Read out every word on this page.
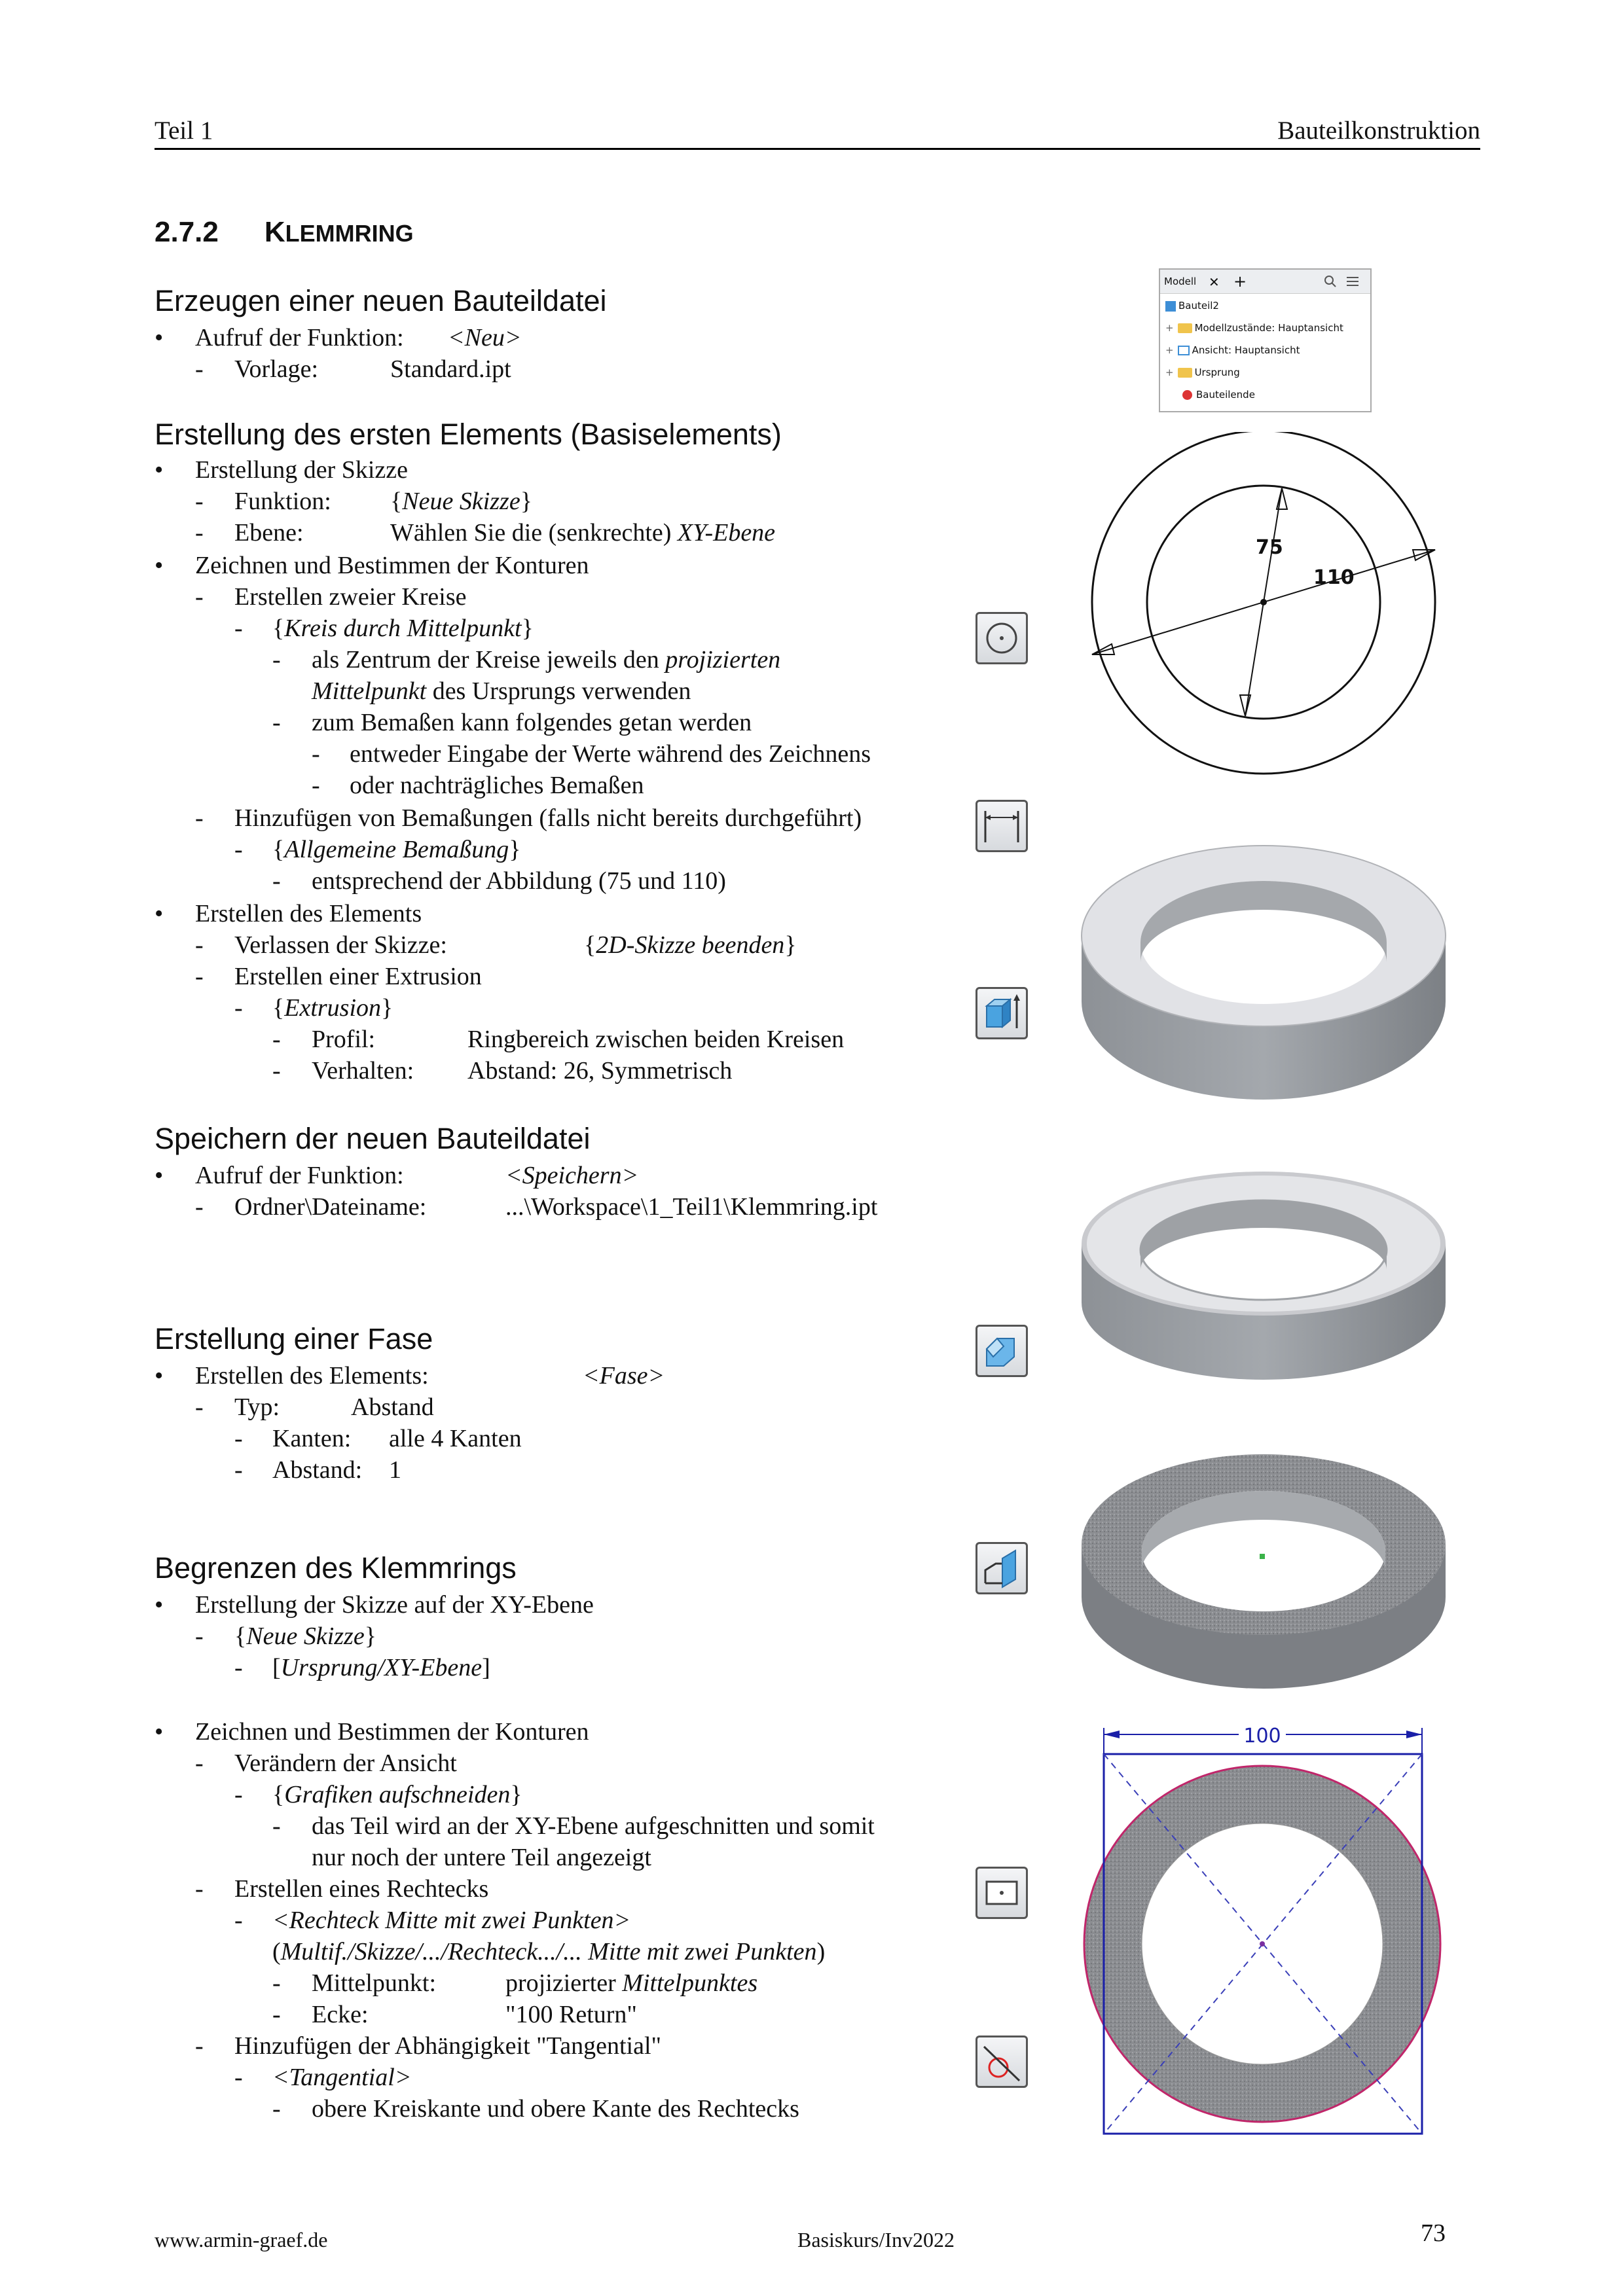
Teil 1	Bauteilkonstruktion
2.7.2 KLEMMRING
Erzeugen einer neuen Bauteildatei
• Aufruf der Funktion: <Neu>
- Vorlage:	Standard.ipt
Erstellung des ersten Elements (Basiselements)
• Erstellung der Skizze
- Funktion: {Neue Skizze}
- Ebene:	Wählen Sie die (senkrechte) XY-Ebene
• Zeichnen und Bestimmen der Konturen
- Erstellen zweier Kreise
- {Kreis durch Mittelpunkt}
- als Zentrum der Kreise jeweils den projizierten
Mittelpunkt des Ursprungs verwenden
- zum Bemaßen kann folgendes getan werden
- entweder Eingabe der Werte während des Zeichnens
- oder nachträgliches Bemaßen
- Hinzufügen von Bemaßungen (falls nicht bereits durchgeführt)
- {Allgemeine Bemaßung}
- entsprechend der Abbildung (75 und 110)
• Erstellen des Elements
- Verlassen der Skizze:	{2D-Skizze beenden}
- Erstellen einer Extrusion
- {Extrusion}
- Profil:	Ringbereich zwischen beiden Kreisen
- Verhalten: Abstand: 26, Symmetrisch
Speichern der neuen Bauteildatei
• Aufruf der Funktion:	<Speichern>
- Ordner\Dateiname:	...\Workspace\1_Teil1\Klemmring.ipt
Erstellung einer Fase
• Erstellen des Elements:	<Fase>
- Typ:	Abstand
- Kanten: alle 4 Kanten
- Abstand: 1
Begrenzen des Klemmrings
• Erstellung der Skizze auf der XY-Ebene
- {Neue Skizze}
- [Ursprung/XY-Ebene]
• Zeichnen und Bestimmen der Konturen
- Verändern der Ansicht
- {Grafiken aufschneiden}
- das Teil wird an der XY-Ebene aufgeschnitten und somit
nur noch der untere Teil angezeigt
- Erstellen eines Rechtecks
- <Rechteck Mitte mit zwei Punkten>
(Multif./Skizze/.../Rechteck.../... Mitte mit zwei Punkten)
- Mittelpunkt:	projizierter Mittelpunktes
- Ecke:	"100 Return"
- Hinzufügen der Abhängigkeit "Tangential"
- <Tangential>
- obere Kreiskante und obere Kante des Rechtecks
Modell ✕ +
Bauteil2
+ Modellzustände: Hauptansicht
+ Ansicht: Hauptansicht
+ Ursprung
Bauteilende
75
110
100
www.armin-graef.de	Basiskurs/Inv2022	73
